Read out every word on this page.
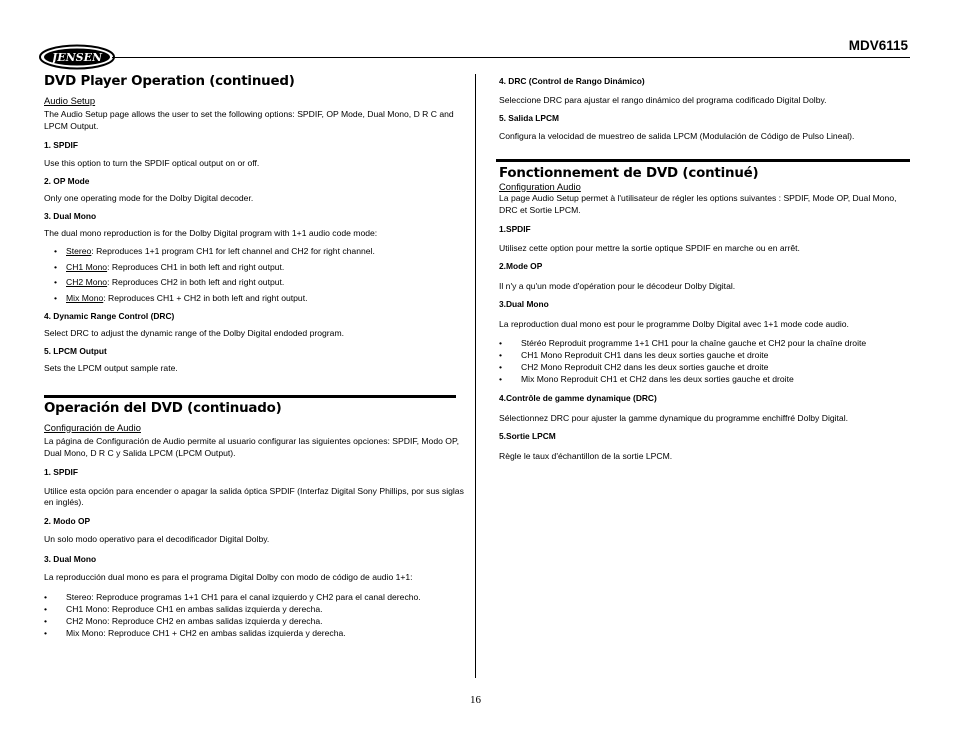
JENSEN
MDV6115

DVD Player Operation (continued)

Audio Setup

The Audio Setup page allows the user to set the following options: SPDIF, OP Mode, Dual Mono, D R C and LPCM Output.

1. SPDIF

Use this option to turn the SPDIF optical output on or off.

2. OP Mode

Only one operating mode for the Dolby Digital decoder.

3. Dual Mono

The dual mono reproduction is for the Dolby Digital program with 1+1 audio code mode:

• Stereo: Reproduces 1+1 program CH1 for left channel and CH2 for right channel.

• CH1 Mono: Reproduces CH1 in both left and right output.

• CH2 Mono: Reproduces CH2 in both left and right output.

• Mix Mono: Reproduces CH1 + CH2 in both left and right output.

4. Dynamic Range Control (DRC)

Select DRC to adjust the dynamic range of the Dolby Digital endoded program.

5. LPCM Output

Sets the LPCM output sample rate.

Operación del DVD (continuado)

Configuración de Audio

La página de Configuración de Audio permite al usuario configurar las siguientes opciones: SPDIF, Modo OP, Dual Mono, D R C y Salida LPCM (LPCM Output).

1. SPDIF

Utilice esta opción para encender o apagar la salida óptica SPDIF (Interfaz Digital Sony Phillips, por sus siglas en inglés).

2. Modo OP

Un solo modo operativo para el decodificador Digital Dolby.

3. Dual Mono

La reproducción dual mono es para el programa Digital Dolby con modo de código de audio 1+1:

• Stereo: Reproduce programas 1+1 CH1 para el canal izquierdo y CH2 para el canal derecho.

• CH1 Mono: Reproduce CH1 en ambas salidas izquierda y derecha.

• CH2 Mono: Reproduce CH2 en ambas salidas izquierda y derecha.

• Mix Mono: Reproduce CH1 + CH2 en ambas salidas izquierda y derecha.

4. DRC (Control de Rango Dinámico)

Seleccione DRC para ajustar el rango dinámico del programa codificado Digital Dolby.

5. Salida LPCM

Configura la velocidad de muestreo de salida LPCM (Modulación de Código de Pulso Lineal).

Fonctionnement de DVD (continué)

Configuration Audio

La page Audio Setup permet à l'utilisateur de régler les options suivantes : SPDIF, Mode OP, Dual Mono, DRC et Sortie LPCM.

1.SPDIF

Utilisez cette option pour mettre la sortie optique SPDIF en marche ou en arrêt.

2.Mode OP

Il n'y a qu'un mode d'opération pour le décodeur Dolby Digital.

3.Dual Mono

La reproduction dual mono est pour le programme Dolby Digital avec 1+1 mode code audio.

• Stéréo Reproduit programme 1+1 CH1 pour la chaîne gauche et CH2 pour la chaîne droite

• CH1 Mono Reproduit CH1 dans les deux sorties gauche et droite

• CH2 Mono Reproduit CH2 dans les deux sorties gauche et droite

• Mix Mono Reproduit CH1 et CH2 dans les deux sorties gauche et droite

4.Contrôle de gamme dynamique (DRC)

Sélectionnez DRC pour ajuster la gamme dynamique du programme enchiffré Dolby Digital.

5.Sortie LPCM

Règle le taux d'échantillon de la sortie LPCM.

16
